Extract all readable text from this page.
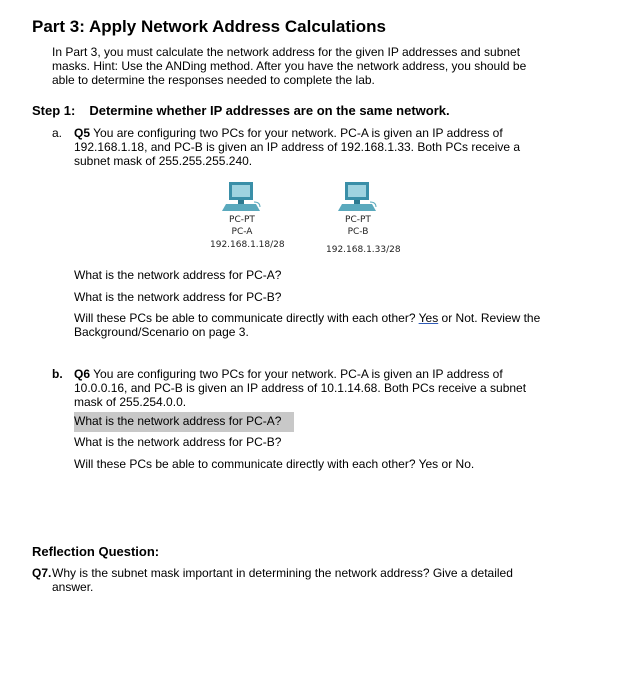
Part 3: Apply Network Address Calculations
In Part 3, you must calculate the network address for the given IP addresses and subnet masks. Hint: Use the ANDing method. After you have the network address, you should be able to determine the responses needed to complete the lab.
Step 1: Determine whether IP addresses are on the same network.
a. Q5 You are configuring two PCs for your network. PC-A is given an IP address of 192.168.1.18, and PC-B is given an IP address of 192.168.1.33. Both PCs receive a subnet mask of 255.255.255.240.
PC-PT
PC-A
192.168.1.18/28
PC-PT
PC-B
192.168.1.33/28
What is the network address for PC-A?
What is the network address for PC-B?
Will these PCs be able to communicate directly with each other? Yes or Not. Review the Background/Scenario on page 3.
b. Q6 You are configuring two PCs for your network. PC-A is given an IP address of 10.0.0.16, and PC-B is given an IP address of 10.1.14.68. Both PCs receive a subnet mask of 255.254.0.0.
What is the network address for PC-A?
What is the network address for PC-B?
Will these PCs be able to communicate directly with each other? Yes or No.
Reflection Question:
Q7. Why is the subnet mask important in determining the network address? Give a detailed answer.
